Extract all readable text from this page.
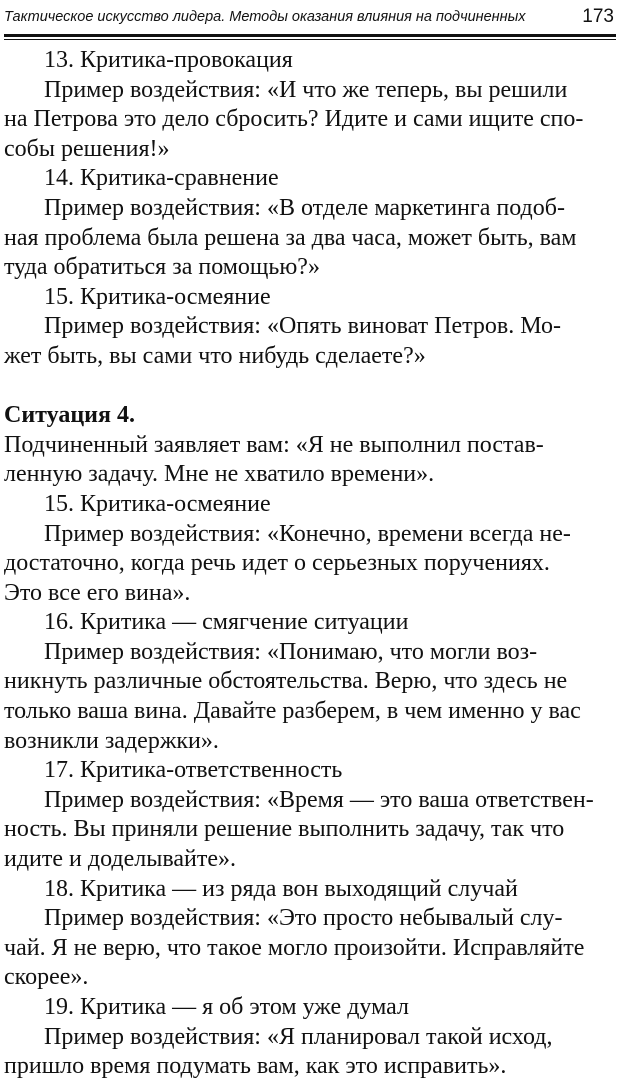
Тактическое искусство лидера. Методы оказания влияния на подчиненных	173
13. Критика-провокация
Пример воздействия: «И что же теперь, вы решили
на Петрова это дело сбросить? Идите и сами ищите спо-
собы решения!»
14. Критика-сравнение
Пример воздействия: «В отделе маркетинга подоб-
ная проблема была решена за два часа, может быть, вам
туда обратиться за помощью?»
15. Критика-осмеяние
Пример воздействия: «Опять виноват Петров. Мо-
жет быть, вы сами что нибудь сделаете?»
Ситуация 4.
Подчиненный заявляет вам: «Я не выполнил постав-
ленную задачу. Мне не хватило времени».
15. Критика-осмеяние
Пример воздействия: «Конечно, времени всегда не-
достаточно, когда речь идет о серьезных поручениях.
Это все его вина».
16. Критика — смягчение ситуации
Пример воздействия: «Понимаю, что могли воз-
никнуть различные обстоятельства. Верю, что здесь не
только ваша вина. Давайте разберем, в чем именно у вас
возникли задержки».
17. Критика-ответственность
Пример воздействия: «Время — это ваша ответствен-
ность. Вы приняли решение выполнить задачу, так что
идите и доделывайте».
18. Критика — из ряда вон выходящий случай
Пример воздействия: «Это просто небывалый слу-
чай. Я не верю, что такое могло произойти. Исправляйте
скорее».
19. Критика — я об этом уже думал
Пример воздействия: «Я планировал такой исход,
пришло время подумать вам, как это исправить».
